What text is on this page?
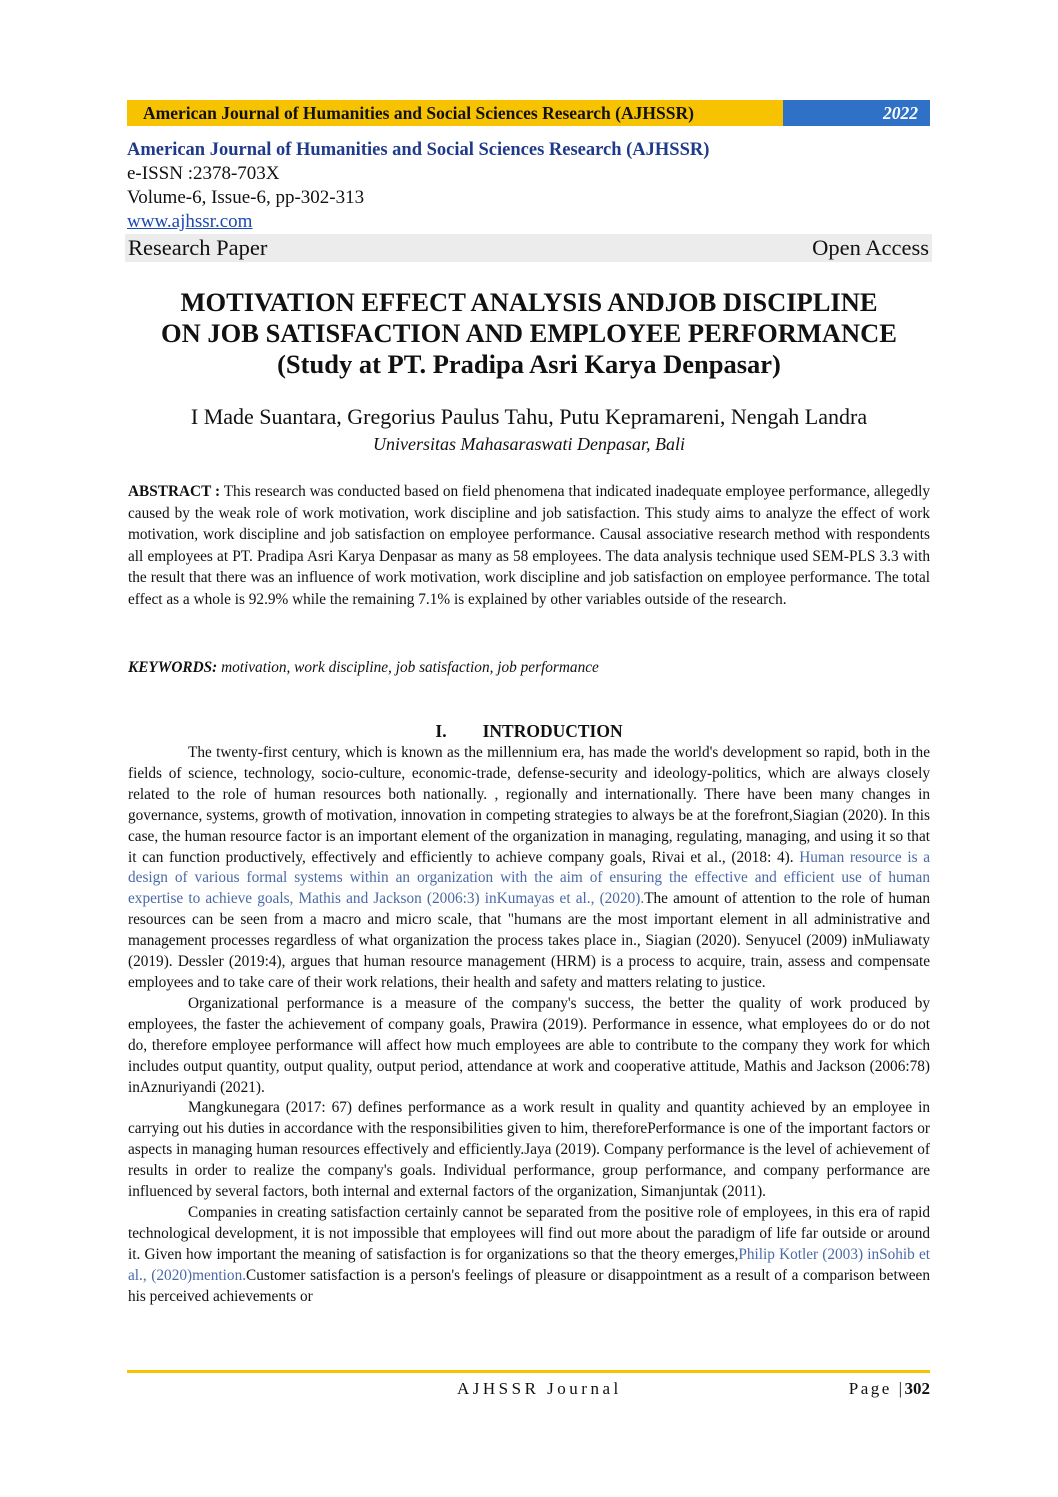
American Journal of Humanities and Social Sciences Research (AJHSSR)	2022
American Journal of Humanities and Social Sciences Research (AJHSSR)
e-ISSN :2378-703X
Volume-6, Issue-6, pp-302-313
www.ajhssr.com
Research Paper	Open Access
MOTIVATION EFFECT ANALYSIS ANDJOB DISCIPLINE
ON JOB SATISFACTION AND EMPLOYEE PERFORMANCE
(Study at PT. Pradipa Asri Karya Denpasar)
I Made Suantara, Gregorius Paulus Tahu, Putu Kepramareni, Nengah Landra
Universitas Mahasaraswati Denpasar, Bali
ABSTRACT : This research was conducted based on field phenomena that indicated inadequate employee performance, allegedly caused by the weak role of work motivation, work discipline and job satisfaction. This study aims to analyze the effect of work motivation, work discipline and job satisfaction on employee performance. Causal associative research method with respondents all employees at PT. Pradipa Asri Karya Denpasar as many as 58 employees. The data analysis technique used SEM-PLS 3.3 with the result that there was an influence of work motivation, work discipline and job satisfaction on employee performance. The total effect as a whole is 92.9% while the remaining 7.1% is explained by other variables outside of the research.
KEYWORDS: motivation, work discipline, job satisfaction, job performance
I. INTRODUCTION

The twenty-first century, which is known as the millennium era, has made the world's development so rapid, both in the fields of science, technology, socio-culture, economic-trade, defense-security and ideology-politics, which are always closely related to the role of human resources both nationally. , regionally and internationally. There have been many changes in governance, systems, growth of motivation, innovation in competing strategies to always be at the forefront,Siagian (2020). In this case, the human resource factor is an important element of the organization in managing, regulating, managing, and using it so that it can function productively, effectively and efficiently to achieve company goals, Rivai et al., (2018: 4). Human resource is a design of various formal systems within an organization with the aim of ensuring the effective and efficient use of human expertise to achieve goals, Mathis and Jackson (2006:3) inKumayas et al., (2020).The amount of attention to the role of human resources can be seen from a macro and micro scale, that "humans are the most important element in all administrative and management processes regardless of what organization the process takes place in., Siagian (2020). Senyucel (2009) inMuliawaty (2019). Dessler (2019:4), argues that human resource management (HRM) is a process to acquire, train, assess and compensate employees and to take care of their work relations, their health and safety and matters relating to justice.

Organizational performance is a measure of the company's success, the better the quality of work produced by employees, the faster the achievement of company goals, Prawira (2019). Performance in essence, what employees do or do not do, therefore employee performance will affect how much employees are able to contribute to the company they work for which includes output quantity, output quality, output period, attendance at work and cooperative attitude, Mathis and Jackson (2006:78) inAznuriyandi (2021).

Mangkunegara (2017: 67) defines performance as a work result in quality and quantity achieved by an employee in carrying out his duties in accordance with the responsibilities given to him, thereforePerformance is one of the important factors or aspects in managing human resources effectively and efficiently.Jaya (2019). Company performance is the level of achievement of results in order to realize the company's goals. Individual performance, group performance, and company performance are influenced by several factors, both internal and external factors of the organization, Simanjuntak (2011).

Companies in creating satisfaction certainly cannot be separated from the positive role of employees, in this era of rapid technological development, it is not impossible that employees will find out more about the paradigm of life far outside or around it. Given how important the meaning of satisfaction is for organizations so that the theory emerges,Philip Kotler (2003) inSohib et al., (2020)mention.Customer satisfaction is a person's feelings of pleasure or disappointment as a result of a comparison between his perceived achievements or

AJHSSR Journal	Page |302
